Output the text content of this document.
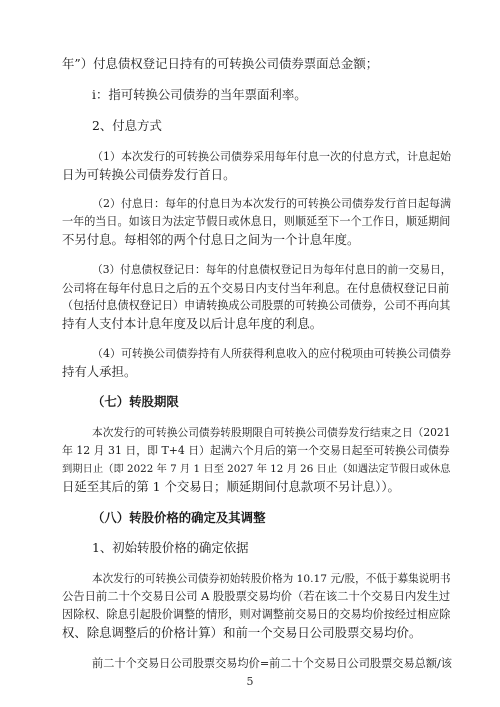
年”）付息债权登记日持有的可转换公司债券票面总金额；
i：指可转换公司债券的当年票面利率。
2、付息方式
（1）本次发行的可转换公司债券采用每年付息一次的付息方式，计息起始
日为可转换公司债券发行首日。
（2）付息日：每年的付息日为本次发行的可转换公司债券发行首日起每满
一年的当日。如该日为法定节假日或休息日，则顺延至下一个工作日，顺延期间
不另付息。每相邻的两个付息日之间为一个计息年度。
（3）付息债权登记日：每年的付息债权登记日为每年付息日的前一交易日，
公司将在每年付息日之后的五个交易日内支付当年利息。在付息债权登记日前
（包括付息债权登记日）申请转换成公司股票的可转换公司债券，公司不再向其
持有人支付本计息年度及以后计息年度的利息。
（4）可转换公司债券持有人所获得利息收入的应付税项由可转换公司债券
持有人承担。
（七）转股期限
本次发行的可转换公司债券转股期限自可转换公司债券发行结束之日（2021
年 12 月 31 日，即 T+4 日）起满六个月后的第一个交易日起至可转换公司债券
到期日止（即 2022 年 7 月 1 日至 2027 年 12 月 26 日止（如遇法定节假日或休息
日延至其后的第 1 个交易日；顺延期间付息款项不另计息））。
（八）转股价格的确定及其调整
1、初始转股价格的确定依据
本次发行的可转换公司债券初始转股价格为 10.17 元/股，不低于募集说明书
公告日前二十个交易日公司 A 股股票交易均价（若在该二十个交易日内发生过
因除权、除息引起股价调整的情形，则对调整前交易日的交易均价按经过相应除
权、除息调整后的价格计算）和前一个交易日公司股票交易均价。
前二十个交易日公司股票交易均价=前二十个交易日公司股票交易总额/该
5
